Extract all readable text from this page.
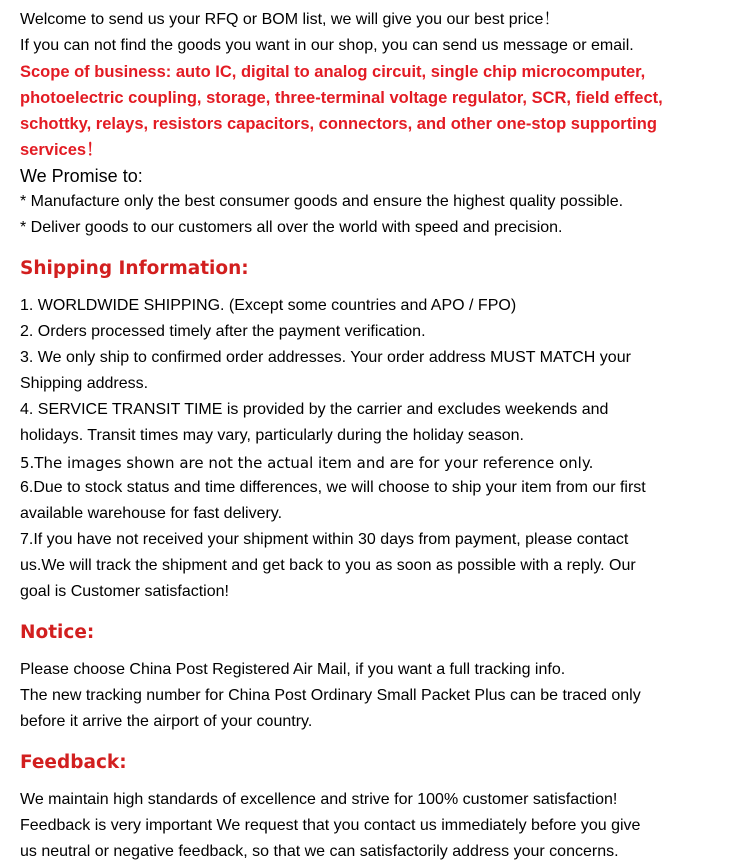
Welcome to send us your RFQ or BOM list, we will give you our best price！
If you can not find the goods you want in our shop, you can send us message or email.
Scope of business: auto IC, digital to analog circuit, single chip microcomputer,
photoelectric coupling, storage, three-terminal voltage regulator, SCR, field effect,
schottky, relays, resistors capacitors, connectors, and other one-stop supporting
services！
We Promise to:
* Manufacture only the best consumer goods and ensure the highest quality possible.
* Deliver goods to our customers all over the world with speed and precision.
Shipping Information:
1. WORLDWIDE SHIPPING. (Except some countries and APO / FPO)
2. Orders processed timely after the payment verification.
3. We only ship to confirmed order addresses. Your order address MUST MATCH your
Shipping address.
4. SERVICE TRANSIT TIME is provided by the carrier and excludes weekends and
holidays. Transit times may vary, particularly during the holiday season.
5.The images shown are not the actual item and are for your reference only.
6.Due to stock status and time differences, we will choose to ship your item from our first
available warehouse for fast delivery.
7.If you have not received your shipment within 30 days from payment, please contact
us.We will track the shipment and get back to you as soon as possible with a reply. Our
goal is Customer satisfaction!
Notice:
Please choose China Post Registered Air Mail, if you want a full tracking info.
The new tracking number for China Post Ordinary Small Packet Plus can be traced only
before it arrive the airport of your country.
Feedback:
We maintain high standards of excellence and strive for 100% customer satisfaction!
Feedback is very important We request that you contact us immediately before you give
us neutral or negative feedback, so that we can satisfactorily address your concerns.
